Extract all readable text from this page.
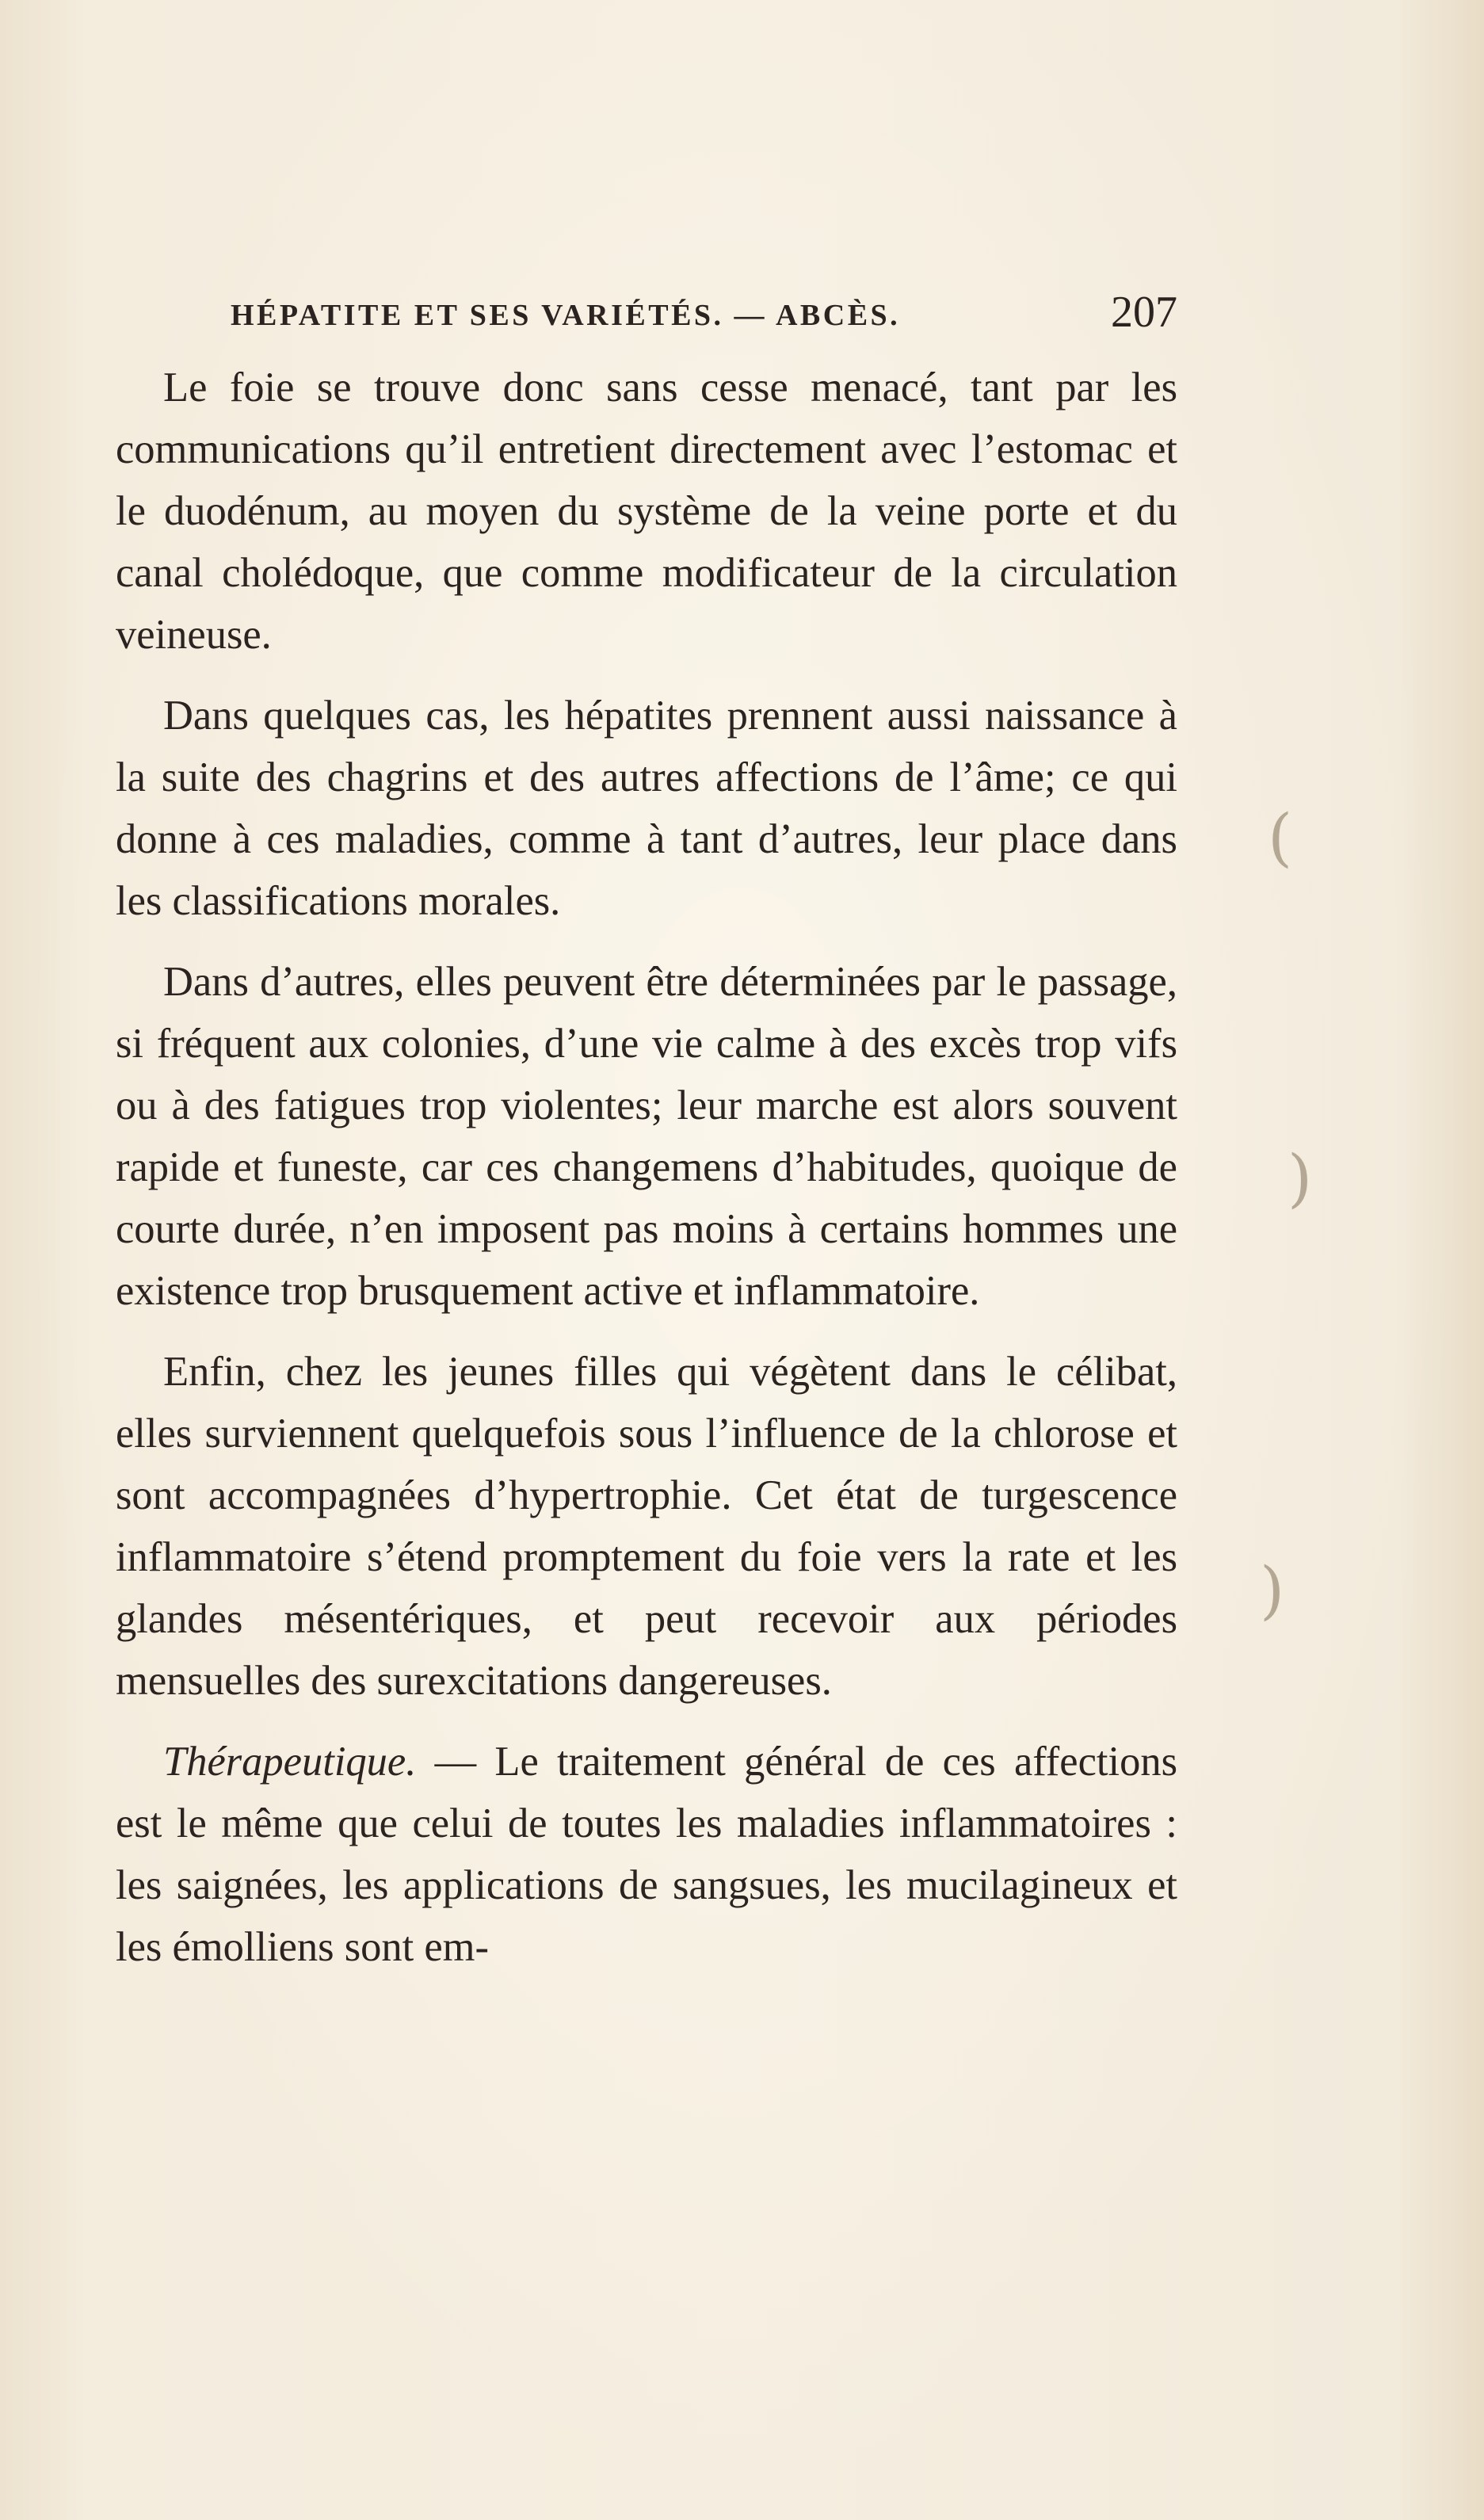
HÉPATITE ET SES VARIÉTÉS. — ABCÈS.	207

Le foie se trouve donc sans cesse menacé, tant par les communications qu’il entretient directement avec l’estomac et le duodénum, au moyen du système de la veine porte et du canal cholédoque, que comme modificateur de la circulation veineuse.

Dans quelques cas, les hépatites prennent aussi naissance à la suite des chagrins et des autres affections de l’âme; ce qui donne à ces maladies, comme à tant d’autres, leur place dans les classifications morales.

Dans d’autres, elles peuvent être déterminées par le passage, si fréquent aux colonies, d’une vie calme à des excès trop vifs ou à des fatigues trop violentes; leur marche est alors souvent rapide et funeste, car ces changemens d’habitudes, quoique de courte durée, n’en imposent pas moins à certains hommes une existence trop brusquement active et inflammatoire.

Enfin, chez les jeunes filles qui végètent dans le célibat, elles surviennent quelquefois sous l’influence de la chlorose et sont accompagnées d’hypertrophie. Cet état de turgescence inflammatoire s’étend promptement du foie vers la rate et les glandes mésentériques, et peut recevoir aux périodes mensuelles des surexcitations dangereuses.

Thérapeutique. — Le traitement général de ces affections est le même que celui de toutes les maladies inflammatoires : les saignées, les applications de sangsues, les mucilagineux et les émolliens sont em-

(
)
)
